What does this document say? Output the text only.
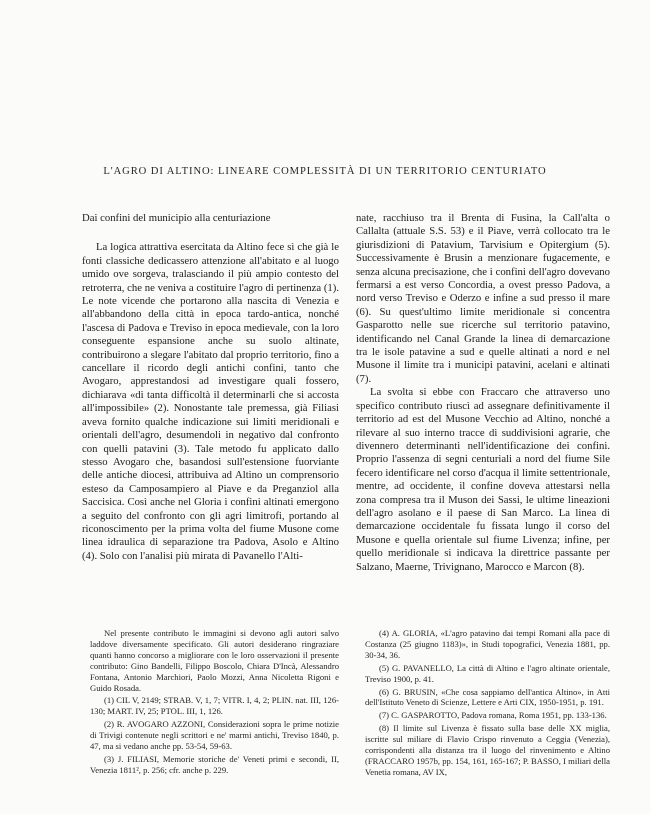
L'AGRO DI ALTINO: LINEARE COMPLESSITÀ DI UN TERRITORIO CENTURIATO

Dai confini del municipio alla centuriazione

La logica attrattiva esercitata da Altino fece sì che già le fonti classiche dedicassero attenzione all'abitato e al luogo umido ove sorgeva, tralasciando il più ampio contesto del retroterra, che ne veniva a costituire l'agro di pertinenza (1). Le note vicende che portarono alla nascita di Venezia e all'abbandono della città in epoca tardo-antica, nonché l'ascesa di Padova e Treviso in epoca medievale, con la loro conseguente espansione anche su suolo altinate, contribuirono a slegare l'abitato dal proprio territorio, fino a cancellare il ricordo degli antichi confini, tanto che Avogaro, apprestandosi ad investigare quali fossero, dichiarava «di tanta difficoltà il determinarli che si accosta all'impossibile» (2). Nonostante tale premessa, già Filiasi aveva fornito qualche indicazione sui limiti meridionali e orientali dell'agro, desumendoli in negativo dal confronto con quelli patavini (3). Tale metodo fu applicato dallo stesso Avogaro che, basandosi sull'estensione fuorviante delle antiche diocesi, attribuiva ad Altino un comprensorio esteso da Camposampiero al Piave e da Preganziol alla Saccisica. Così anche nel Gloria i confini altinati emergono a seguito del confronto con gli agri limitrofi, portando al riconoscimento per la prima volta del fiume Musone come linea idraulica di separazione tra Padova, Asolo e Altino (4). Solo con l'analisi più mirata di Pavanello l'Alti-

nate, racchiuso tra il Brenta di Fusina, la Call'alta o Callalta (attuale S.S. 53) e il Piave, verrà collocato tra le giurisdizioni di Patavium, Tarvisium e Opitergium (5). Successivamente è Brusin a menzionare fugacemente, e senza alcuna precisazione, che i confini dell'agro dovevano fermarsi a est verso Concordia, a ovest presso Padova, a nord verso Treviso e Oderzo e infine a sud presso il mare (6). Su quest'ultimo limite meridionale si concentra Gasparotto nelle sue ricerche sul territorio patavino, identificando nel Canal Grande la linea di demarcazione tra le isole patavine a sud e quelle altinati a nord e nel Musone il limite tra i municipi patavini, acelani e altinati (7).

La svolta si ebbe con Fraccaro che attraverso uno specifico contributo riuscì ad assegnare definitivamente il territorio ad est del Musone Vecchio ad Altino, nonché a rilevare al suo interno tracce di suddivisioni agrarie, che divennero determinanti nell'identificazione dei confini. Proprio l'assenza di segni centuriali a nord del fiume Sile fecero identificare nel corso d'acqua il limite settentrionale, mentre, ad occidente, il confine doveva attestarsi nella zona compresa tra il Muson dei Sassi, le ultime lineazioni dell'agro asolano e il paese di San Marco. La linea di demarcazione occidentale fu fissata lungo il corso del Musone e quella orientale sul fiume Livenza; infine, per quello meridionale si indicava la direttrice passante per Salzano, Maerne, Trivignano, Marocco e Marcon (8).

Nel presente contributo le immagini si devono agli autori salvo laddove diversamente specificato. Gli autori desiderano ringraziare quanti hanno concorso a migliorare con le loro osservazioni il presente contributo: Gino Bandelli, Filippo Boscolo, Chiara D'Incà, Alessandro Fontana, Antonio Marchiori, Paolo Mozzi, Anna Nicoletta Rigoni e Guido Rosada.

(1) CIL V, 2149; STRAB. V, 1, 7; VITR. I, 4, 2; PLIN. nat. III, 126-130; MART. IV, 25; PTOL. III, 1, 126.

(2) R. AVOGARO AZZONI, Considerazioni sopra le prime notizie di Trivigi contenute negli scrittori e ne' marmi antichi, Treviso 1840, p. 47, ma si vedano anche pp. 53-54, 59-63.

(3) J. FILIASI, Memorie storiche de' Veneti primi e secondi, II, Venezia 1811², p. 256; cfr. anche p. 229.

(4) A. GLORIA, «L'agro patavino dai tempi Romani alla pace di Costanza (25 giugno 1183)», in Studi topografici, Venezia 1881, pp. 30-34, 36.

(5) G. PAVANELLO, La città di Altino e l'agro altinate orientale, Treviso 1900, p. 41.

(6) G. BRUSIN, «Che cosa sappiamo dell'antica Altino», in Atti dell'Istituto Veneto di Scienze, Lettere e Arti CIX, 1950-1951, p. 191.

(7) C. GASPAROTTO, Padova romana, Roma 1951, pp. 133-136.

(8) Il limite sul Livenza è fissato sulla base delle XX miglia, iscritte sul miliare di Flavio Crispo rinvenuto a Ceggia (Venezia), corrispondenti alla distanza tra il luogo del rinvenimento e Altino (FRACCARO 1957b, pp. 154, 161, 165-167; P. BASSO, I miliari della Venetia romana, AV IX,
